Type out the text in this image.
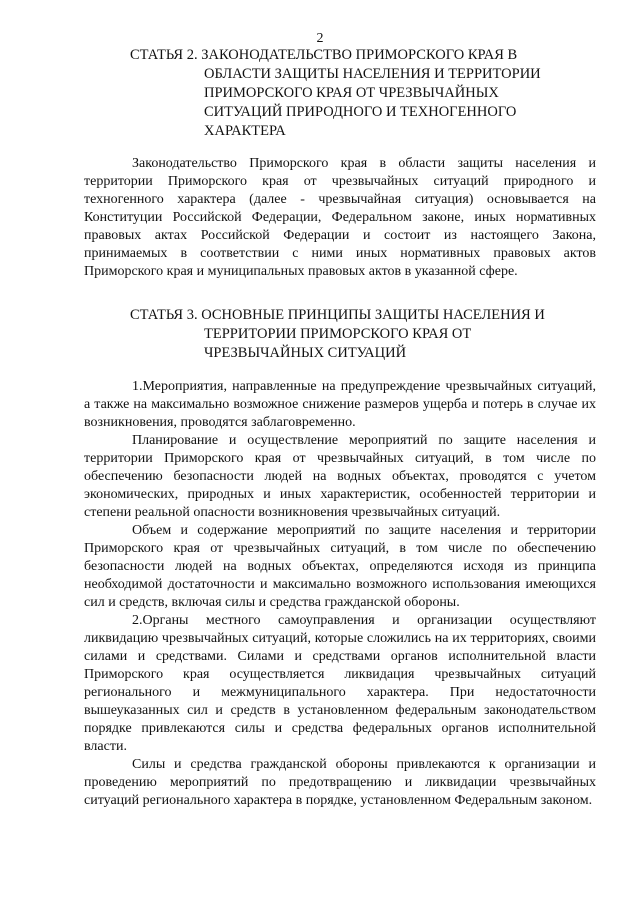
2
СТАТЬЯ 2. ЗАКОНОДАТЕЛЬСТВО ПРИМОРСКОГО КРАЯ В
ОБЛАСТИ ЗАЩИТЫ НАСЕЛЕНИЯ И ТЕРРИТОРИИ
ПРИМОРСКОГО КРАЯ ОТ ЧРЕЗВЫЧАЙНЫХ
СИТУАЦИЙ ПРИРОДНОГО И ТЕХНОГЕННОГО
ХАРАКТЕРА

Законодательство Приморского края в области защиты населения и территории Приморского края от чрезвычайных ситуаций природного и техногенного характера (далее - чрезвычайная ситуация) основывается на Конституции Российской Федерации, Федеральном законе, иных нормативных правовых актах Российской Федерации и состоит из настоящего Закона, принимаемых в соответствии с ними иных нормативных правовых актов Приморского края и муниципальных правовых актов в указанной сфере.

СТАТЬЯ 3. ОСНОВНЫЕ ПРИНЦИПЫ ЗАЩИТЫ НАСЕЛЕНИЯ И
ТЕРРИТОРИИ ПРИМОРСКОГО КРАЯ ОТ
ЧРЕЗВЫЧАЙНЫХ СИТУАЦИЙ

1.Мероприятия, направленные на предупреждение чрезвычайных ситуаций, а также на максимально возможное снижение размеров ущерба и потерь в случае их возникновения, проводятся заблаговременно.

Планирование и осуществление мероприятий по защите населения и территории Приморского края от чрезвычайных ситуаций, в том числе по обеспечению безопасности людей на водных объектах, проводятся с учетом экономических, природных и иных характеристик, особенностей территории и степени реальной опасности возникновения чрезвычайных ситуаций.

Объем и содержание мероприятий по защите населения и территории Приморского края от чрезвычайных ситуаций, в том числе по обеспечению безопасности людей на водных объектах, определяются исходя из принципа необходимой достаточности и максимально возможного использования имеющихся сил и средств, включая силы и средства гражданской обороны.

2.Органы местного самоуправления и организации осуществляют ликвидацию чрезвычайных ситуаций, которые сложились на их территориях, своими силами и средствами. Силами и средствами органов исполнительной власти Приморского края осуществляется ликвидация чрезвычайных ситуаций регионального и межмуниципального характера. При недостаточности вышеуказанных сил и средств в установленном федеральным законодательством порядке привлекаются силы и средства федеральных органов исполнительной власти.

Силы и средства гражданской обороны привлекаются к организации и проведению мероприятий по предотвращению и ликвидации чрезвычайных ситуаций регионального характера в порядке, установленном Федеральным законом.
